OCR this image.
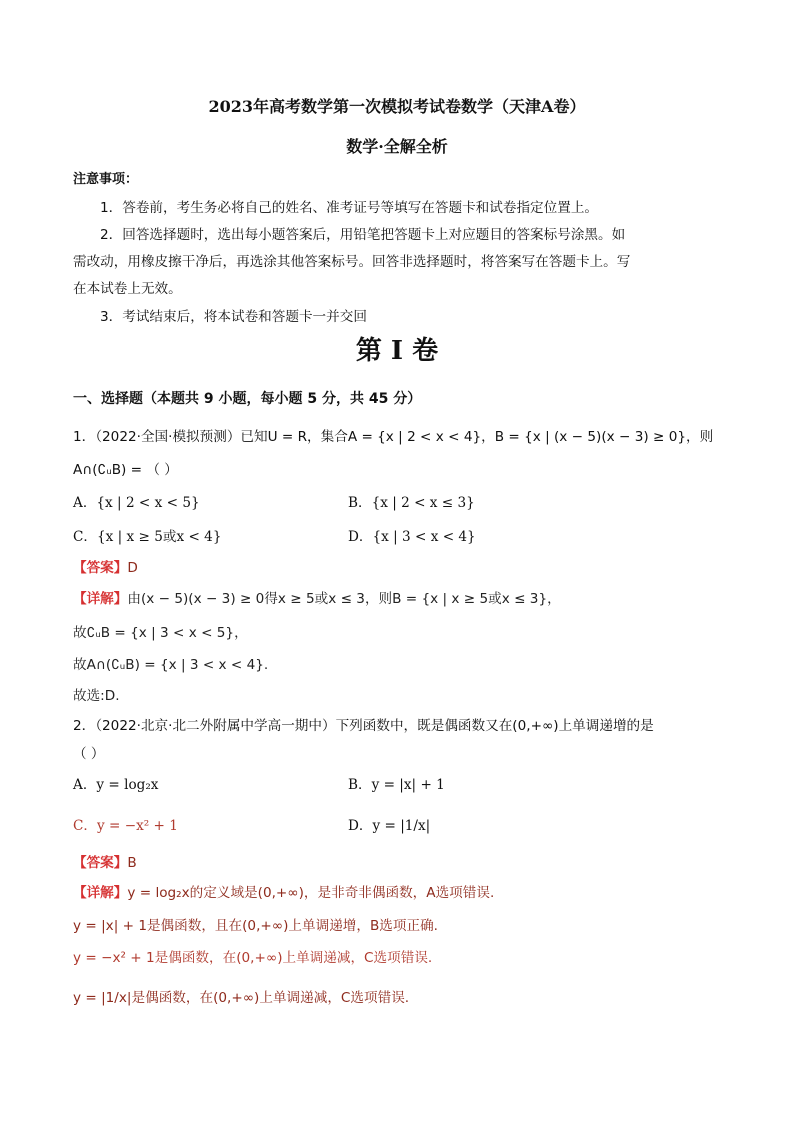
2023年高考数学第一次模拟考试卷数学（天津A卷）
数学·全解全析
注意事项：
1．答卷前，考生务必将自己的姓名、准考证号等填写在答题卡和试卷指定位置上。
2．回答选择题时，选出每小题答案后，用铅笔把答题卡上对应题目的答案标号涂黑。如
需改动，用橡皮擦干净后，再选涂其他答案标号。回答非选择题时，将答案写在答题卡上。写
在本试卷上无效。
3．考试结束后，将本试卷和答题卡一并交回
第 I 卷
一、选择题（本题共 9 小题，每小题 5 分，共 45 分）
1．（2022·全国·模拟预测）已知U = R，集合A = {x | 2 < x < 4}，B = {x | (x − 5)(x − 3) ≥ 0}，则
A∩(∁ᵤB) = （ ）
A．{x | 2 < x < 5}	B．{x | 2 < x ≤ 3}
C．{x | x ≥ 5或x < 4}	D．{x | 3 < x < 4}
【答案】D
【详解】由(x − 5)(x − 3) ≥ 0得x ≥ 5或x ≤ 3，则B = {x | x ≥ 5或x ≤ 3}，
故∁ᵤB = {x | 3 < x < 5}，
故A∩(∁ᵤB) = {x | 3 < x < 4}.
故选:D.
2．（2022·北京·北二外附属中学高一期中）下列函数中，既是偶函数又在(0,+∞)上单调递增的是
（ ）
A．y = log₂x	B．y = |x| + 1
C．y = −x² + 1	D．y = |1/x|
【答案】B
【详解】y = log₂x的定义域是(0,+∞)，是非奇非偶函数，A选项错误.
y = |x| + 1是偶函数，且在(0,+∞)上单调递增，B选项正确.
y = −x² + 1是偶函数，在(0,+∞)上单调递减，C选项错误.
y = |1/x|是偶函数，在(0,+∞)上单调递减，C选项错误.
